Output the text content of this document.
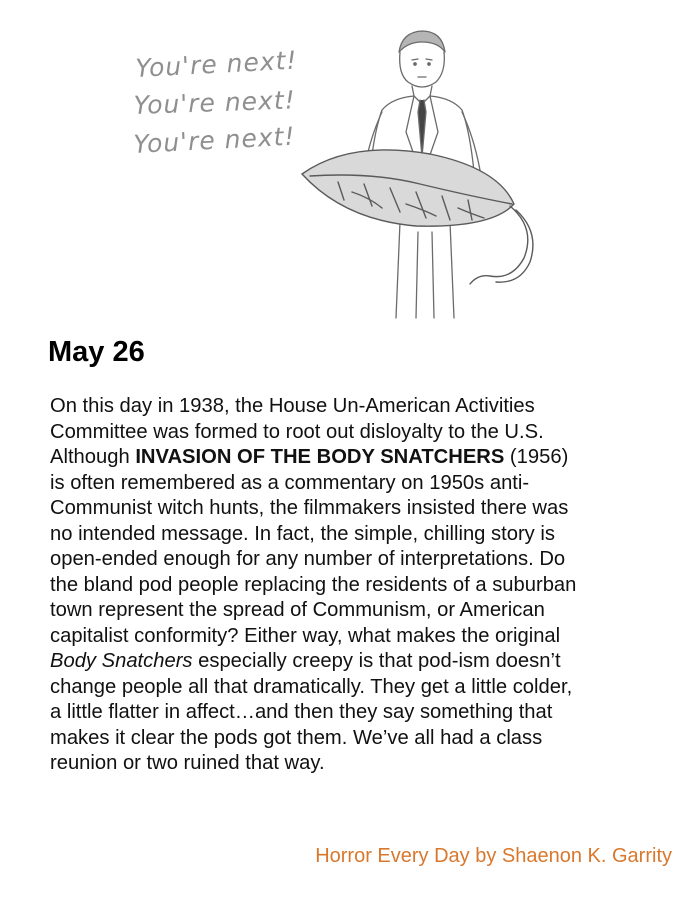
You're next!
You're next!
You're next!
May 26
On this day in 1938, the House Un-American Activities
Committee was formed to root out disloyalty to the U.S.
Although INVASION OF THE BODY SNATCHERS (1956)
is often remembered as a commentary on 1950s anti-
Communist witch hunts, the filmmakers insisted there was
no intended message. In fact, the simple, chilling story is
open-ended enough for any number of interpretations. Do
the bland pod people replacing the residents of a suburban
town represent the spread of Communism, or American
capitalist conformity? Either way, what makes the original
Body Snatchers especially creepy is that pod-ism doesn’t
change people all that dramatically. They get a little colder,
a little flatter in affect…and then they say something that
makes it clear the pods got them. We’ve all had a class
reunion or two ruined that way.
Horror Every Day by Shaenon K. Garrity
